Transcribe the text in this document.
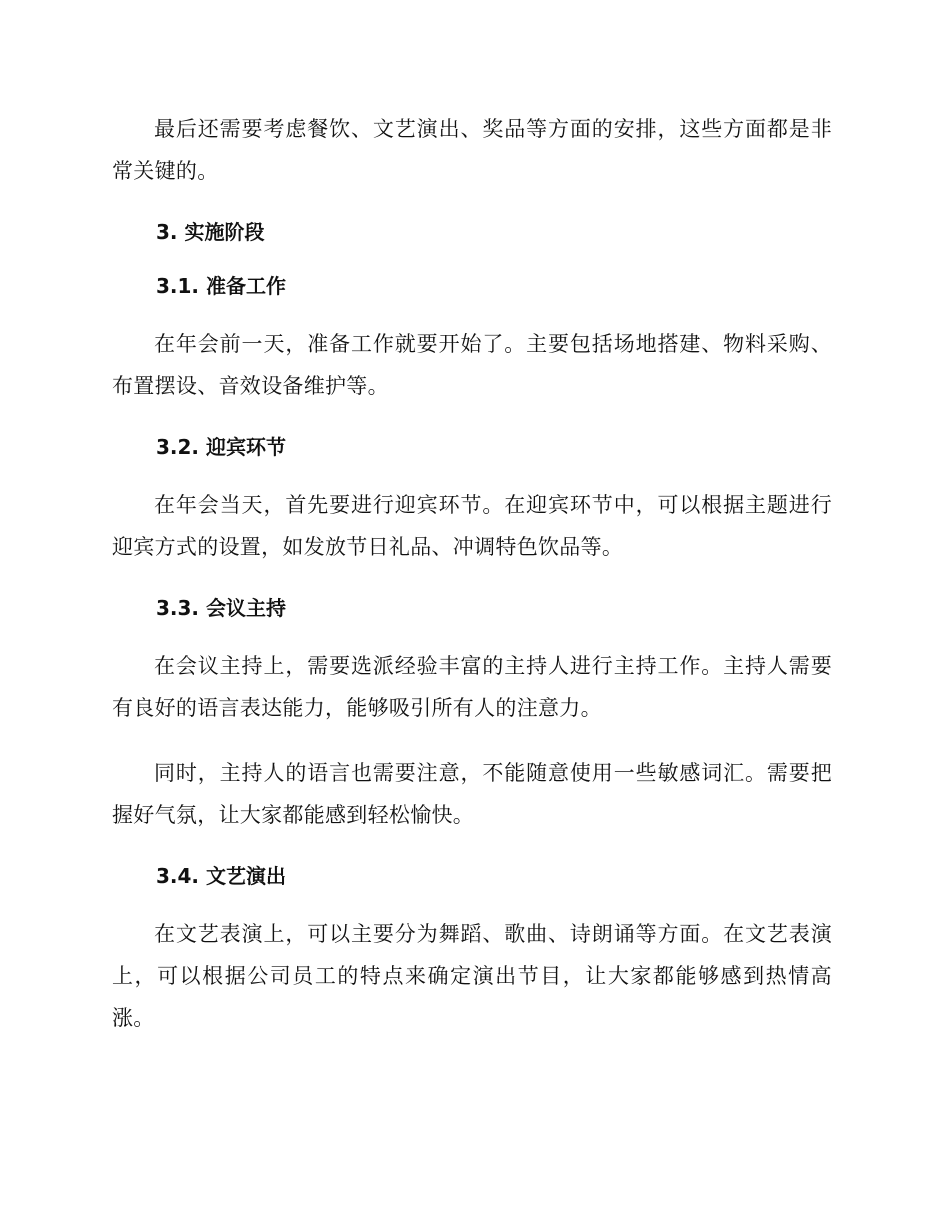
最后还需要考虑餐饮、文艺演出、奖品等方面的安排，这些方面都是非常关键的。

3. 实施阶段
3.1. 准备工作

在年会前一天，准备工作就要开始了。主要包括场地搭建、物料采购、布置摆设、音效设备维护等。

3.2. 迎宾环节

在年会当天，首先要进行迎宾环节。在迎宾环节中，可以根据主题进行迎宾方式的设置，如发放节日礼品、冲调特色饮品等。

3.3. 会议主持

在会议主持上，需要选派经验丰富的主持人进行主持工作。主持人需要有良好的语言表达能力，能够吸引所有人的注意力。

同时，主持人的语言也需要注意，不能随意使用一些敏感词汇。需要把握好气氛，让大家都能感到轻松愉快。

3.4. 文艺演出

在文艺表演上，可以主要分为舞蹈、歌曲、诗朗诵等方面。在文艺表演上，可以根据公司员工的特点来确定演出节目，让大家都能够感到热情高涨。
